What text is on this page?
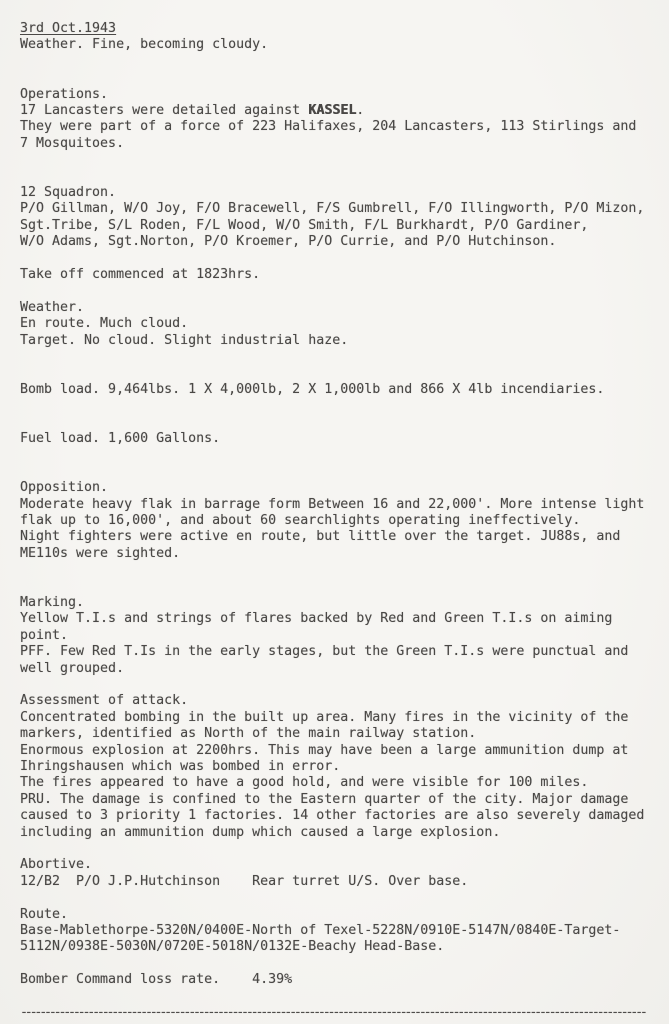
3rd Oct.1943
Weather. Fine, becoming cloudy.
Operations.
17 Lancasters were detailed against KASSEL.
They were part of a force of 223 Halifaxes, 204 Lancasters, 113 Stirlings and
7 Mosquitoes.
12 Squadron.
P/O Gillman, W/O Joy, F/O Bracewell, F/S Gumbrell, F/O Illingworth, P/O Mizon,
Sgt.Tribe, S/L Roden, F/L Wood, W/O Smith, F/L Burkhardt, P/O Gardiner,
W/O Adams, Sgt.Norton, P/O Kroemer, P/O Currie, and P/O Hutchinson.
Take off commenced at 1823hrs.
Weather.
En route. Much cloud.
Target. No cloud. Slight industrial haze.
Bomb load. 9,464lbs. 1 X 4,000lb, 2 X 1,000lb and 866 X 4lb incendiaries.
Fuel load. 1,600 Gallons.
Opposition.
Moderate heavy flak in barrage form Between 16 and 22,000'. More intense light
flak up to 16,000', and about 60 searchlights operating ineffectively.
Night fighters were active en route, but little over the target. JU88s, and
ME110s were sighted.
Marking.
Yellow T.I.s and strings of flares backed by Red and Green T.I.s on aiming
point.
PFF. Few Red T.Is in the early stages, but the Green T.I.s were punctual and
well grouped.
Assessment of attack.
Concentrated bombing in the built up area. Many fires in the vicinity of the
markers, identified as North of the main railway station.
Enormous explosion at 2200hrs. This may have been a large ammunition dump at
Ihringshausen which was bombed in error.
The fires appeared to have a good hold, and were visible for 100 miles.
PRU. The damage is confined to the Eastern quarter of the city. Major damage
caused to 3 priority 1 factories. 14 other factories are also severely damaged
including an ammunition dump which caused a large explosion.
Abortive.
12/B2  P/O J.P.Hutchinson    Rear turret U/S. Over base.
Route.
Base-Mablethorpe-5320N/0400E-North of Texel-5228N/0910E-5147N/0840E-Target-
5112N/0938E-5030N/0720E-5018N/0132E-Beachy Head-Base.
Bomber Command loss rate.    4.39%
----------------------------------------------------------------------------------------------------------------------------------
